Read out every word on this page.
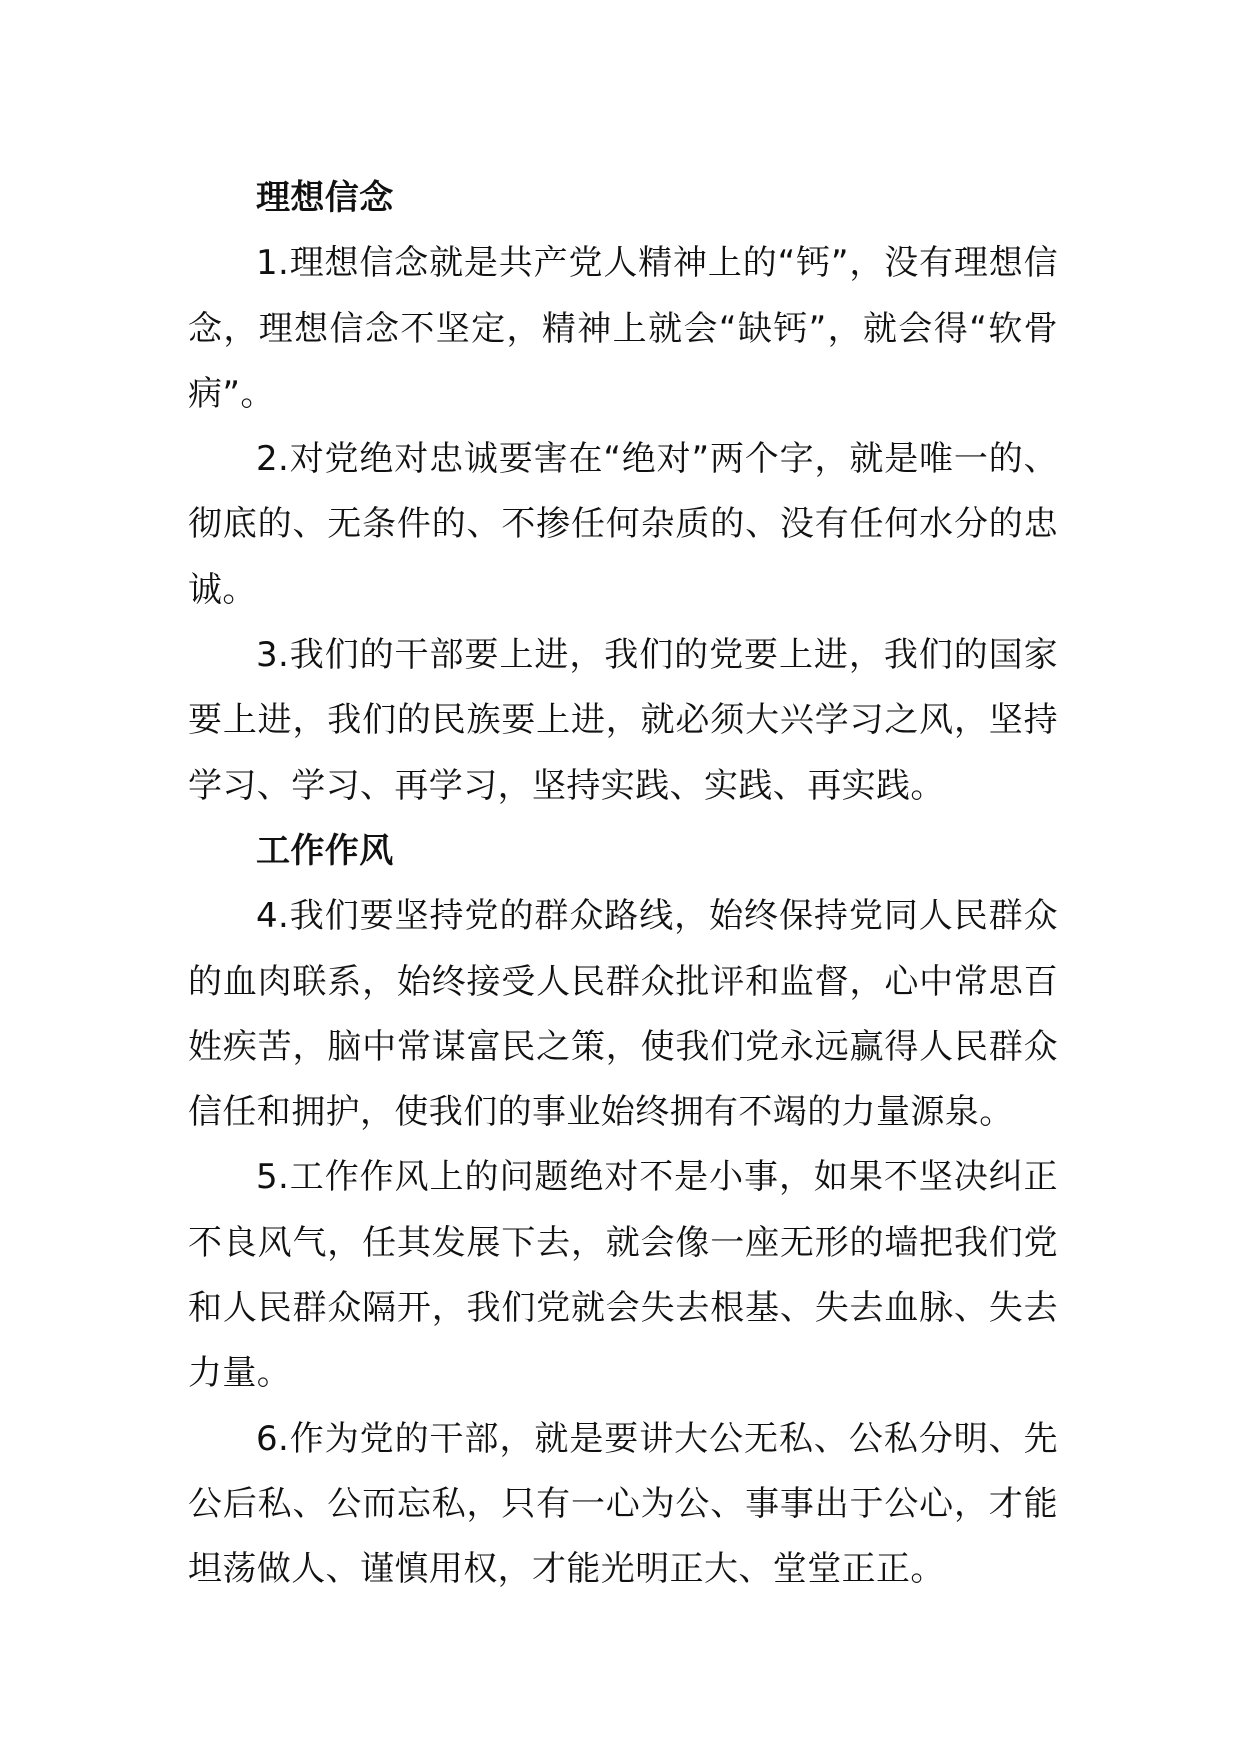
理想信念

1.理想信念就是共产党人精神上的“钙”，没有理想信念，理想信念不坚定，精神上就会“缺钙”，就会得“软骨病”。

2.对党绝对忠诚要害在“绝对”两个字，就是唯一的、彻底的、无条件的、不掺任何杂质的、没有任何水分的忠诚。

3.我们的干部要上进，我们的党要上进，我们的国家要上进，我们的民族要上进，就必须大兴学习之风，坚持学习、学习、再学习，坚持实践、实践、再实践。

工作作风

4.我们要坚持党的群众路线，始终保持党同人民群众的血肉联系，始终接受人民群众批评和监督，心中常思百姓疾苦，脑中常谋富民之策，使我们党永远赢得人民群众信任和拥护，使我们的事业始终拥有不竭的力量源泉。

5.工作作风上的问题绝对不是小事，如果不坚决纠正不良风气，任其发展下去，就会像一座无形的墙把我们党和人民群众隔开，我们党就会失去根基、失去血脉、失去力量。

6.作为党的干部，就是要讲大公无私、公私分明、先公后私、公而忘私，只有一心为公、事事出于公心，才能坦荡做人、谨慎用权，才能光明正大、堂堂正正。
